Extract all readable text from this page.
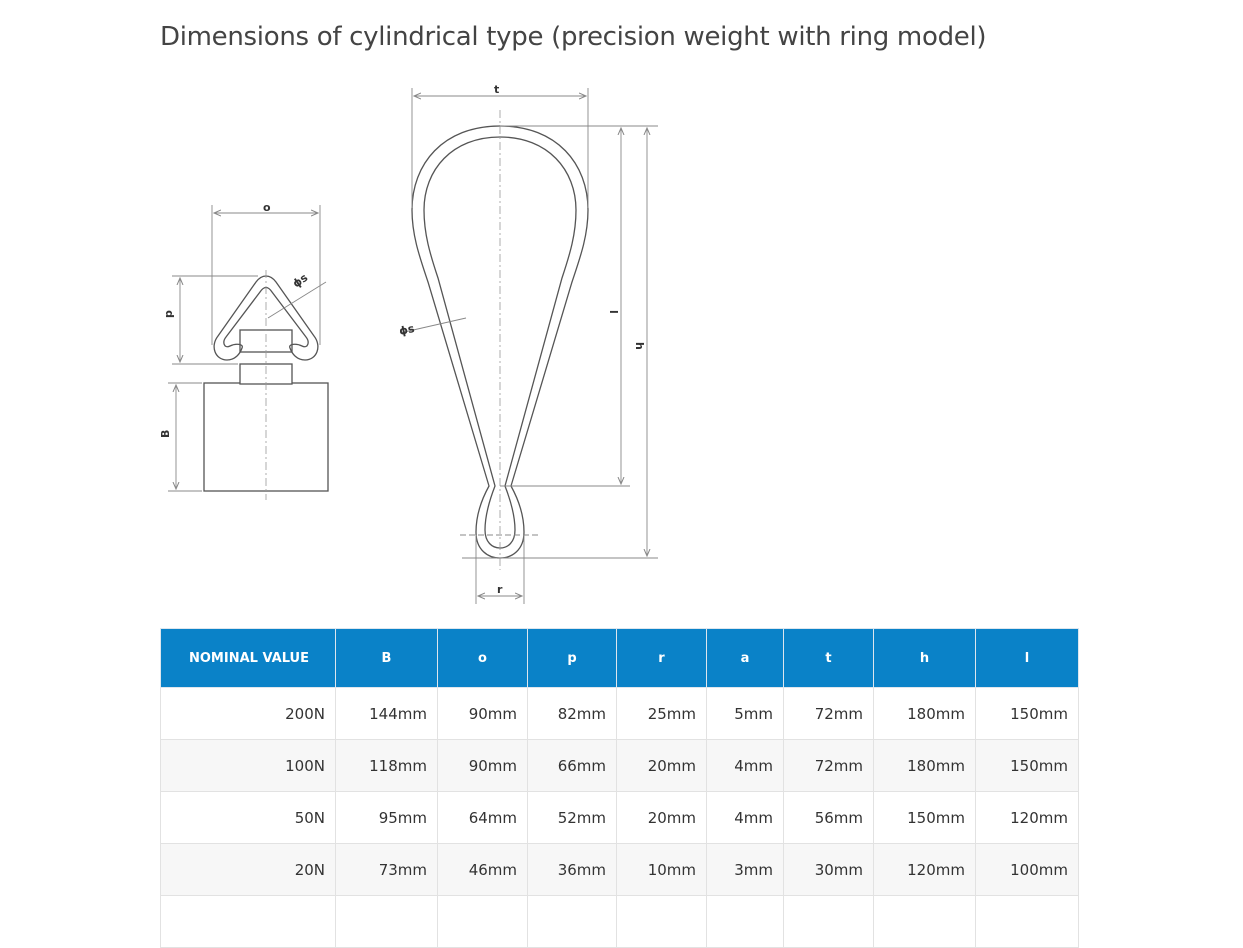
Dimensions of cylindrical type (precision weight with ring model)
t
o
ϕs
p
B
ϕs
l
h
r
NOMINAL VALUE	B	o	p	r	a	t	h	l
200N	144mm	90mm	82mm	25mm	5mm	72mm	180mm	150mm
100N	118mm	90mm	66mm	20mm	4mm	72mm	180mm	150mm
50N	95mm	64mm	52mm	20mm	4mm	56mm	150mm	120mm
20N	73mm	46mm	36mm	10mm	3mm	30mm	120mm	100mm
